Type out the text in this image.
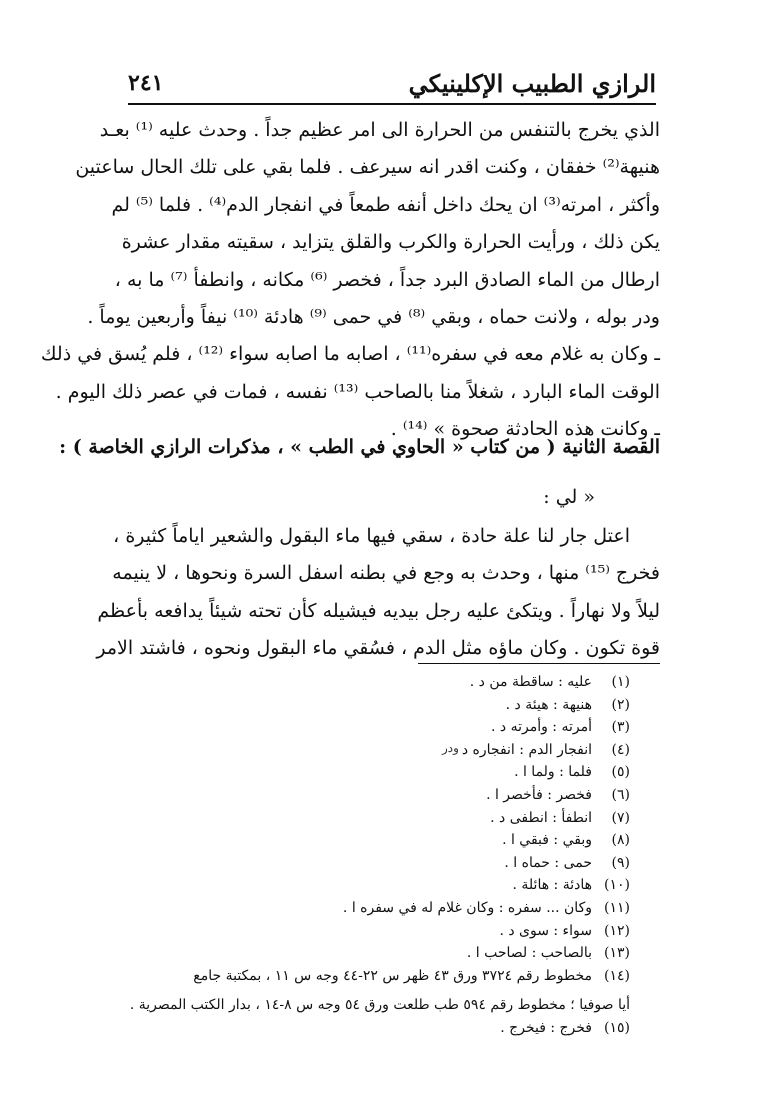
الرازي الطبيب الإكلينيكي
٢٤١
الذي يخرج بالتنفس من الحرارة الى امر عظيم جداً . وحدث عليه ⁽¹⁾ بعـد
هنيهة⁽²⁾ خفقان ، وكنت اقدر انه سيرعف . فلما بقي على تلك الحال ساعتين
وأكثر ، امرته⁽³⁾ ان يحك داخل أنفه طمعاً في انفجار الدم⁽⁴⁾ . فلما ⁽⁵⁾ لم
يكن ذلك ، ورأيت الحرارة والكرب والقلق يتزايد ، سقيته مقدار عشرة
ارطال من الماء الصادق البرد جداً ، فخصر ⁽⁶⁾ مكانه ، وانطفأ ⁽⁷⁾ ما به ،
ودر بوله ، ولانت حماه ، وبقي ⁽⁸⁾ في حمى ⁽⁹⁾ هادئة ⁽¹⁰⁾ نيفاً وأربعين يوماً .
ـ وكان به غلام معه في سفره⁽¹¹⁾ ، اصابه ما اصابه سواء ⁽¹²⁾ ، فلم يُسق في ذلك
الوقت الماء البارد ، شغلاً منا بالصاحب ⁽¹³⁾ نفسه ، فمات في عصر ذلك اليوم .
ـ وكانت هذه الحادثة صحوة » ⁽¹⁴⁾ .
القصة الثانية ( من كتاب « الحاوي في الطب » ، مذكرات الرازي الخاصة ) :
« لي :
اعتل جار لنا علة حادة ، سقي فيها ماء البقول والشعير اياماً كثيرة ،
فخرج ⁽¹⁵⁾ منها ، وحدث به وجع في بطنه اسفل السرة ونحوها ، لا ينيمه
ليلاً ولا نهاراً . ويتكئ عليه رجل بيديه فيشيله كأن تحته شيئاً يدافعه بأعظم
قوة تكون . وكان ماؤه مثل الدم ، فسُقي ماء البقول ونحوه ، فاشتد الامر
(١)
عليه : ساقطة من د .
(٢)
هنيهة : هيئة د .
(٣)
أمرته : وأمرته د .
(٤)
انفجار الدم : انفجاره د
(٥)
فلما : ولما ا .
(٦)
فخصر : فأخصر ا .
(٧)
انطفأ : انطفى د .
(٨)
وبقي : فبقي ا .
(٩)
حمى : حماه ا .
(١٠)
هادئة : هائلة .
(١١)
وكان ... سفره : وكان غلام له في سفره ا .
(١٢)
سواء : سوى د .
(١٣)
بالصاحب : لصاحب ا .
(١٤)
مخطوط رقم ٣٧٢٤ ورق ٤٣ ظهر س ٢٢-٤٤ وجه س ١١ ، بمكتبة جامع
أيا صوفيا ؛ مخطوط رقم ٥٩٤ طب طلعت ورق ٥٤ وجه س ٨-١٤ ، بدار الكتب المصرية .
(١٥)
فخرج : فيخرج .
ودر
